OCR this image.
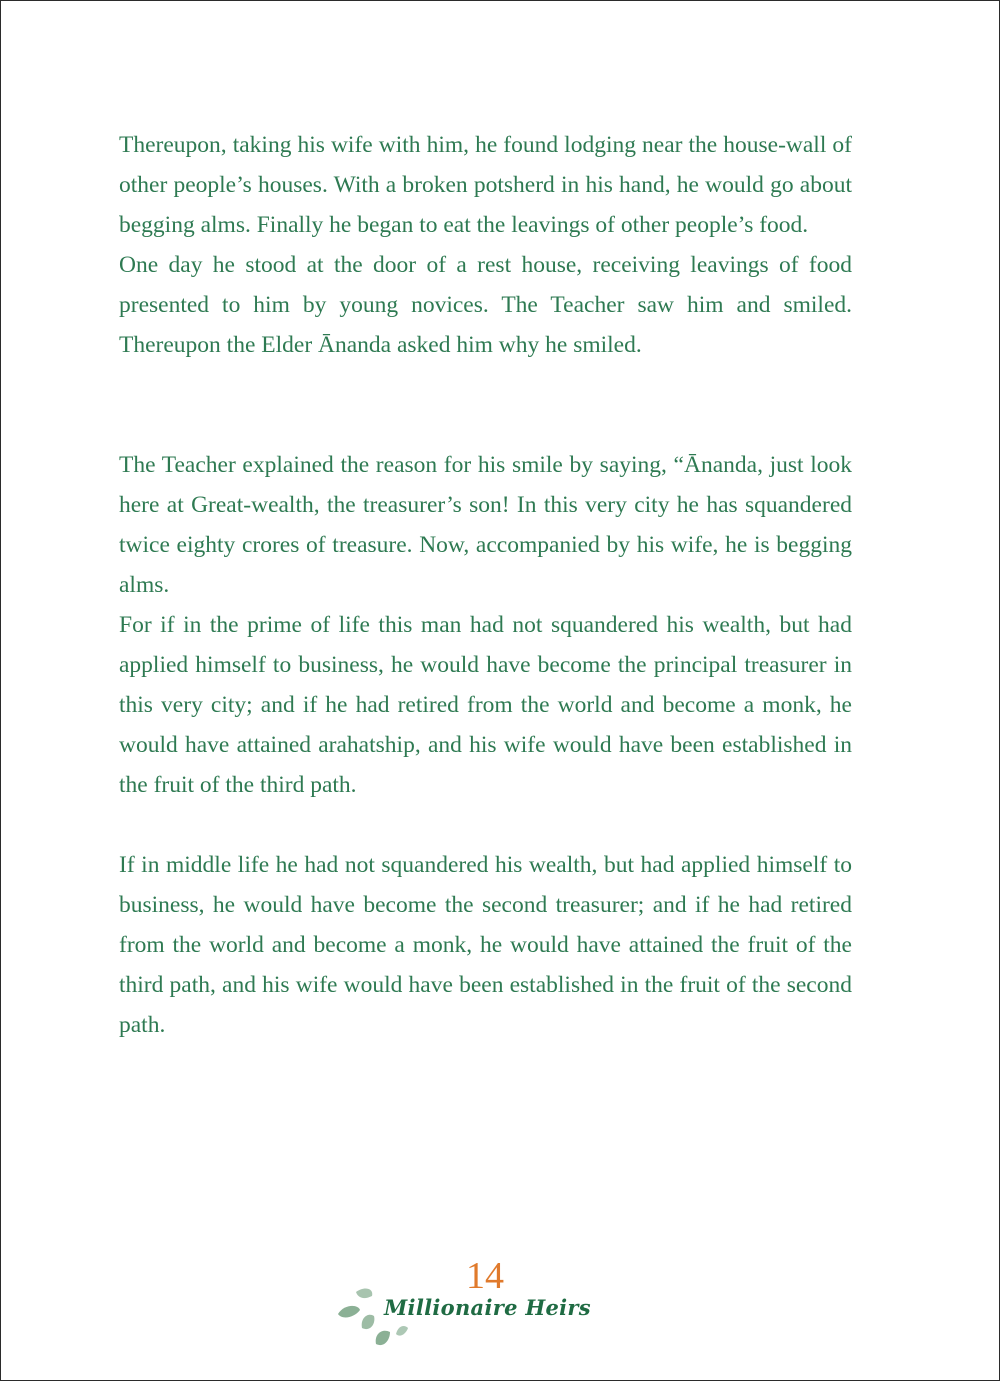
Thereupon, taking his wife with him, he found lodging near the house-wall of other people’s houses. With a broken potsherd in his hand, he would go about begging alms. Finally he began to eat the leavings of other people’s food.

One day he stood at the door of a rest house, receiving leavings of food presented to him by young novices. The Teacher saw him and smiled. Thereupon the Elder Ānanda asked him why he smiled.

The Teacher explained the reason for his smile by saying, “Ānanda, just look here at Great-wealth, the treasurer’s son! In this very city he has squandered twice eighty crores of treasure. Now, accompanied by his wife, he is begging alms.

For if in the prime of life this man had not squandered his wealth, but had applied himself to business, he would have become the principal treasurer in this very city; and if he had retired from the world and become a monk, he would have attained arahatship, and his wife would have been established in the fruit of the third path.

If in middle life he had not squandered his wealth, but had applied himself to business, he would have become the second treasurer; and if he had retired from the world and become a monk, he would have attained the fruit of the third path, and his wife would have been established in the fruit of the second path.

14
Millionaire Heirs
